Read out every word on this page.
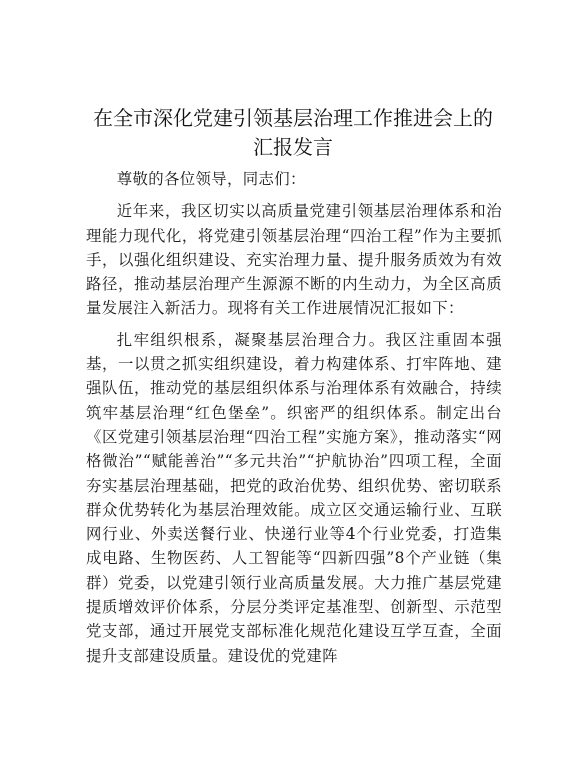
在全市深化党建引领基层治理工作推进会上的
汇报发言

尊敬的各位领导，同志们：

近年来，我区切实以高质量党建引领基层治理体系和治理能力现代化，将党建引领基层治理“四治工程”作为主要抓手，以强化组织建设、充实治理力量、提升服务质效为有效路径，推动基层治理产生源源不断的内生动力，为全区高质量发展注入新活力。现将有关工作进展情况汇报如下：

扎牢组织根系，凝聚基层治理合力。我区注重固本强基，一以贯之抓实组织建设，着力构建体系、打牢阵地、建强队伍，推动党的基层组织体系与治理体系有效融合，持续筑牢基层治理“红色堡垒”。织密严的组织体系。制定出台《区党建引领基层治理“四治工程”实施方案》，推动落实“网格微治”“赋能善治”“多元共治”“护航协治”四项工程，全面夯实基层治理基础，把党的政治优势、组织优势、密切联系群众优势转化为基层治理效能。成立区交通运输行业、互联网行业、外卖送餐行业、快递行业等4个行业党委，打造集成电路、生物医药、人工智能等“四新四强”8个产业链（集群）党委，以党建引领行业高质量发展。大力推广基层党建提质增效评价体系，分层分类评定基准型、创新型、示范型党支部，通过开展党支部标准化规范化建设互学互查，全面提升支部建设质量。建设优的党建阵
